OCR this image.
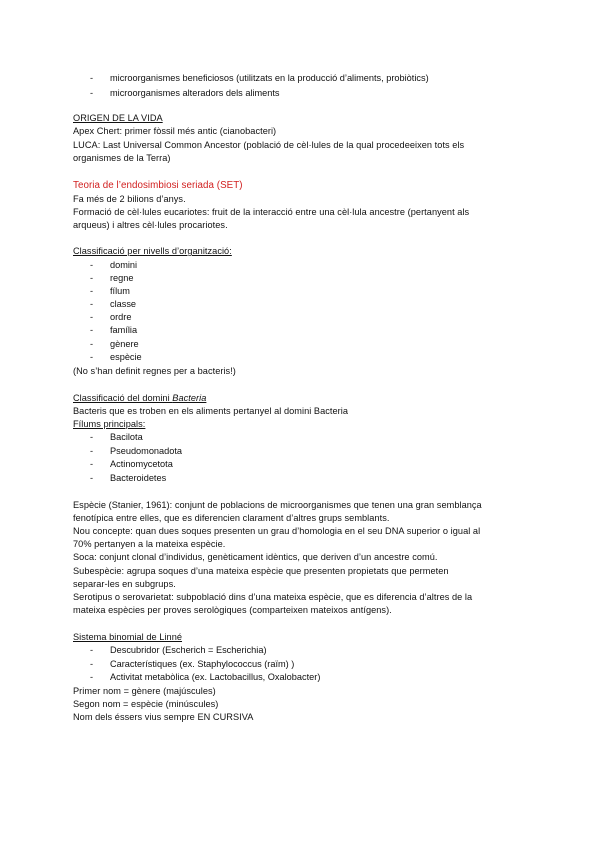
- microorganismes beneficiosos (utilitzats en la producció d’aliments, probiòtics)
- microorganismes alteradors dels aliments
ORIGEN DE LA VIDA
Apex Chert: primer fòssil més antic (cianobacteri)
LUCA: Last Universal Common Ancestor (població de cèl·lules de la qual procedeeixen tots els
organismes de la Terra)
Teoria de l’endosimbiosi seriada (SET)
Fa més de 2 bilions d’anys.
Formació de cèl·lules eucariotes: fruit de la interacció entre una cèl·lula ancestre (pertanyent als
arqueus) i altres cèl·lules procariotes.
Classificació per nivells d’organització:
- domini
- regne
- fílum
- classe
- ordre
- família
- gènere
- espècie
(No s’han definit regnes per a bacteris!)
Classificació del domini Bacteria
Bacteris que es troben en els aliments pertanyel al domini Bacteria
Fílums principals:
- Bacilota
- Pseudomonadota
- Actinomycetota
- Bacteroidetes
Espècie (Stanier, 1961): conjunt de poblacions de microorganismes que tenen una gran semblança
fenotípica entre elles, que es diferencien clarament d’altres grups semblants.
Nou concepte: quan dues soques presenten un grau d’homologia en el seu DNA superior o igual al
70% pertanyen a la mateixa espècie.
Soca: conjunt clonal d’individus, genèticament idèntics, que deriven d’un ancestre comú.
Subespècie: agrupa soques d’una mateixa espècie que presenten propietats que permeten
separar-les en subgrups.
Serotipus o serovarietat: subpoblació dins d’una mateixa espècie, que es diferencia d’altres de la
mateixa espècies per proves serològiques (comparteixen mateixos antígens).
Sistema binomial de Linné
- Descubridor (Escherich = Escherichia)
- Característiques (ex. Staphylococcus (raïm) )
- Activitat metabòlica (ex. Lactobacillus, Oxalobacter)
Primer nom = gènere (majúscules)
Segon nom = espècie (minúscules)
Nom dels éssers vius sempre EN CURSIVA
